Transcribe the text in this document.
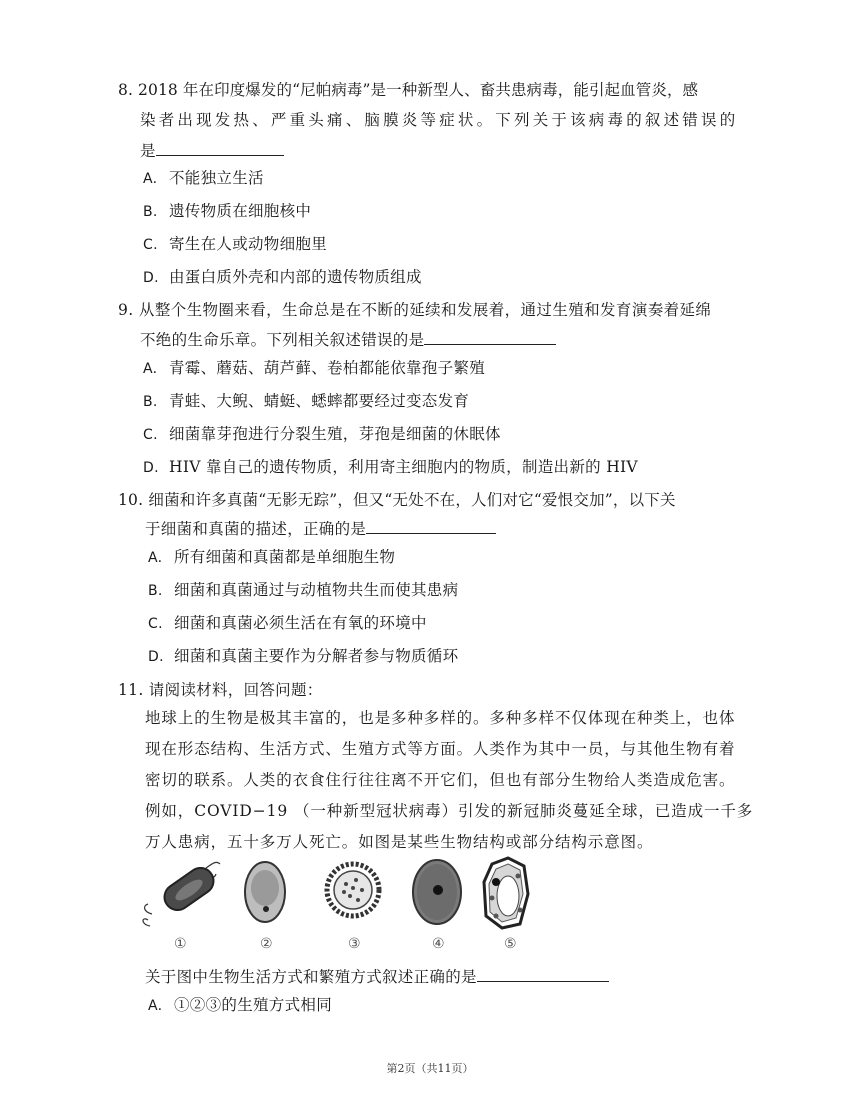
8. 2018 年在印度爆发的“尼帕病毒”是一种新型人、畜共患病毒，能引起血管炎，感
染者出现发热、严重头痛、脑膜炎等症状。下列关于该病毒的叙述错误的
是
A. 不能独立生活
B. 遗传物质在细胞核中
C. 寄生在人或动物细胞里
D. 由蛋白质外壳和内部的遗传物质组成
9. 从整个生物圈来看，生命总是在不断的延续和发展着，通过生殖和发育演奏着延绵
不绝的生命乐章。下列相关叙述错误的是
A. 青霉、蘑菇、葫芦藓、卷柏都能依靠孢子繁殖
B. 青蛙、大鲵、蜻蜓、蟋蟀都要经过变态发育
C. 细菌靠芽孢进行分裂生殖，芽孢是细菌的休眠体
D. HIV 靠自己的遗传物质，利用寄主细胞内的物质，制造出新的 HIV
10. 细菌和许多真菌“无影无踪”，但又“无处不在，人们对它“爱恨交加”，以下关
于细菌和真菌的描述，正确的是
A. 所有细菌和真菌都是单细胞生物
B. 细菌和真菌通过与动植物共生而使其患病
C. 细菌和真菌必须生活在有氧的环境中
D. 细菌和真菌主要作为分解者参与物质循环
11. 请阅读材料，回答问题：
地球上的生物是极其丰富的，也是多种多样的。多种多样不仅体现在种类上，也体
现在形态结构、生活方式、生殖方式等方面。人类作为其中一员，与其他生物有着
密切的联系。人类的衣食住行往往离不开它们，但也有部分生物给人类造成危害。
例如，COVID−19 （一种新型冠状病毒）引发的新冠肺炎蔓延全球，已造成一千多
万人患病，五十多万人死亡。如图是某些生物结构或部分结构示意图。
①	②	③	④	⑤
关于图中生物生活方式和繁殖方式叙述正确的是
A. ①②③的生殖方式相同
第2页（共11页）
